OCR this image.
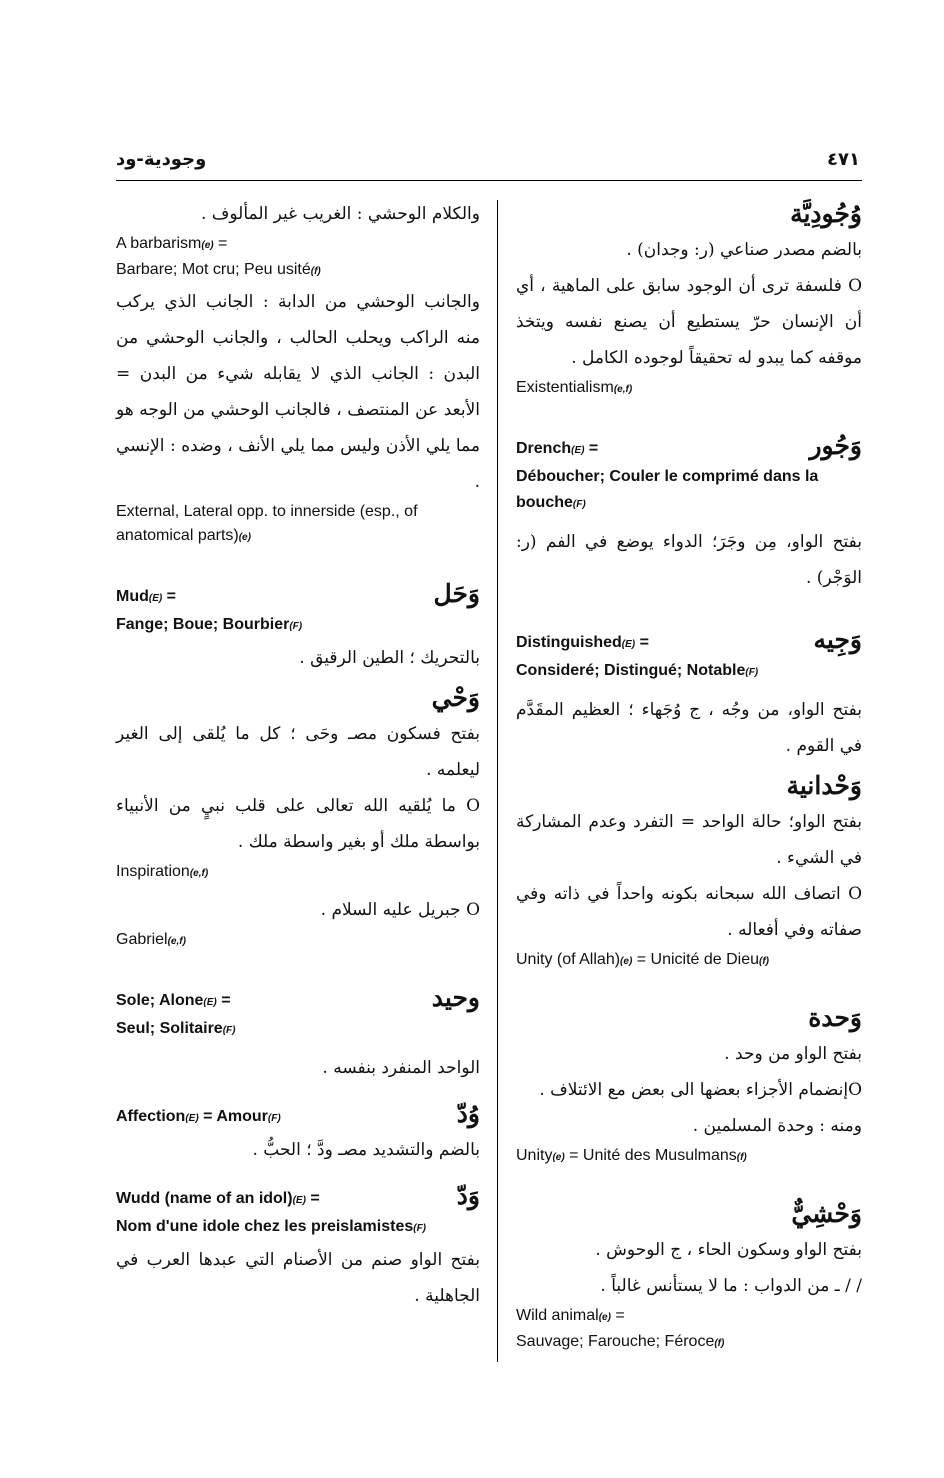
٤٧١
وجودية-ود
وُجُودِيَّة
بالضم مصدر صناعي (ر: وجدان) .
O فلسفة ترى أن الوجود سابق على الماهية ، أي أن الإنسان حرّ يستطيع أن يصنع نفسه ويتخذ موقفه كما يبدو له تحقيقاً لوجوده الكامل .
Existentialism(e,f)
وَجُور
Drench(E) =
Déboucher; Couler le comprimé dans la bouche(F)
بفتح الواو، مِن وجَرَ؛ الدواء يوضع في الفم (ر: الوَجْر) .
وَجِيه
Distinguished(E) =
Consideré; Distingué; Notable(F)
بفتح الواو، من وجُه ، ج وُجَهاء ؛ العظيم المقَدَّم في القوم .
وَحْدانية
بفتح الواو؛ حالة الواحد = التفرد وعدم المشاركة في الشيء .
O اتصاف الله سبحانه بكونه واحداً في ذاته وفي صفاته وفي أفعاله .
Unity (of Allah)(e) = Unicité de Dieu(f)
وَحدة
بفتح الواو من وحد .
Oإنضمام الأجزاء بعضها الى بعض مع الائتلاف .
ومنه : وحدة المسلمين .
Unity(e) = Unité des Musulmans(f)
وَحْشِيٌّ
بفتح الواو وسكون الحاء ، ج الوحوش .
/ / ـ من الدواب : ما لا يستأنس غالباً .
Wild animal(e) =
Sauvage; Farouche; Féroce(f)
والكلام الوحشي : الغريب غير المألوف .
A barbarism(e) =
Barbare; Mot cru; Peu usité(f)
والجانب الوحشي من الدابة : الجانب الذي يركب منه الراكب ويحلب الحالب ، والجانب الوحشي من البدن : الجانب الذي لا يقابله شيء من البدن = الأبعد عن المنتصف ، فالجانب الوحشي من الوجه هو مما يلي الأذن وليس مما يلي الأنف ، وضده : الإنسي .
External, Lateral opp. to innerside (esp., of anatomical parts)(e)
وَحَل
Mud(E) =
Fange; Boue; Bourbier(F)
بالتحريك ؛ الطين الرقيق .
وَحْي
بفتح فسكون مصـ وحَى ؛ كل ما يُلقى إلى الغير ليعلمه .
O ما يُلقيه الله تعالى على قلب نبيٍ من الأنبياء بواسطة ملك أو بغير واسطة ملك .
Inspiration(e,f)
O جبريل عليه السلام .
Gabriel(e,f)
وحيد
Sole; Alone(E) =
Seul; Solitaire(F)
الواحد المنفرد بنفسه .
وُدّ
Affection(E) = Amour(F)
بالضم والتشديد مصـ ودَّ ؛ الحبُّ .
وَدّ
Wudd (name of an idol)(E) =
Nom d'une idole chez les preislamistes(F)
بفتح الواو صنم من الأصنام التي عبدها العرب في الجاهلية .
